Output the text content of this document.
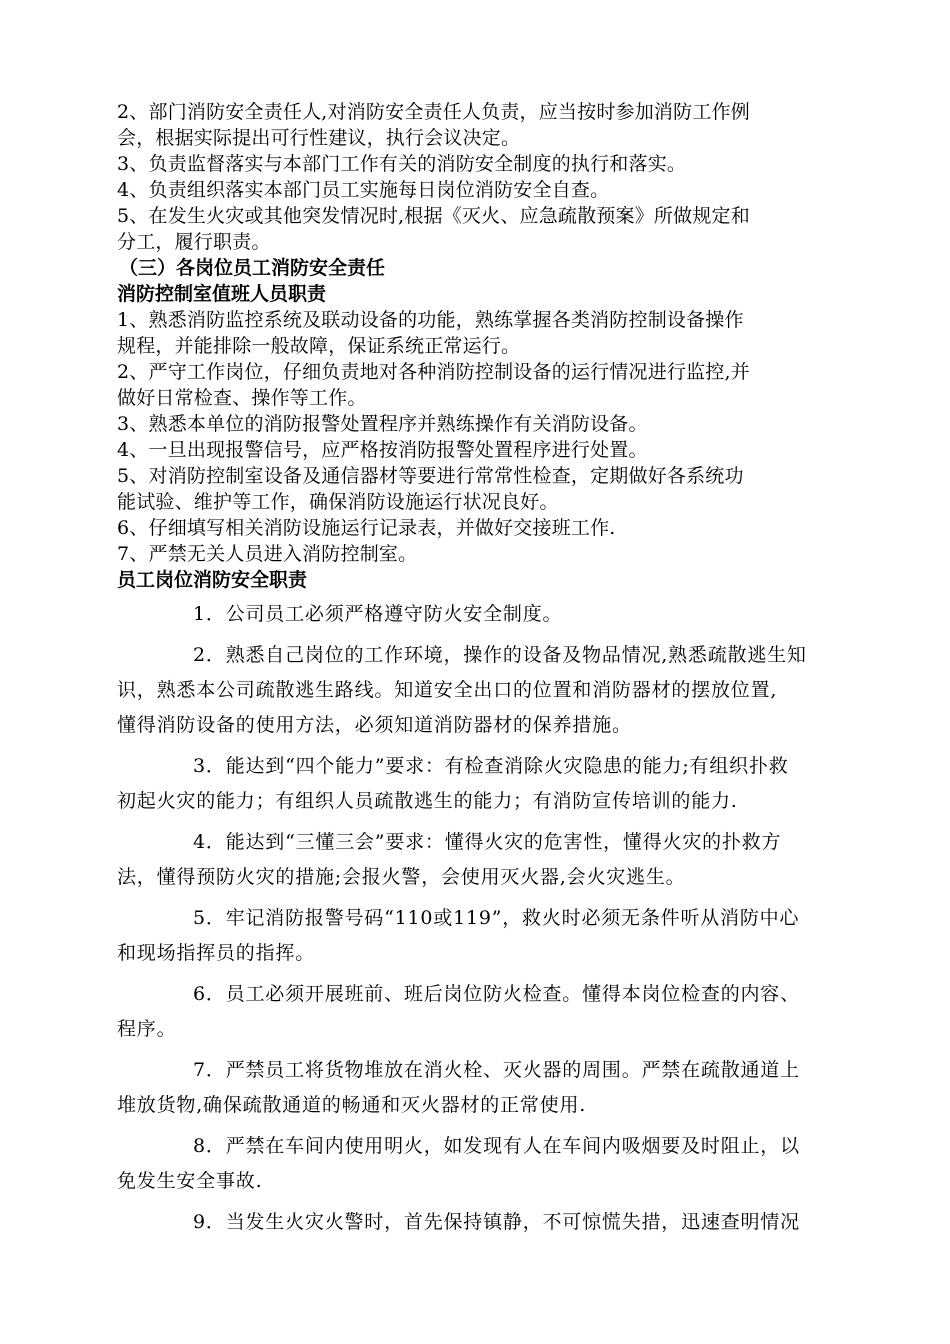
2、部门消防安全责任人,对消防安全责任人负责，应当按时参加消防工作例
会，根据实际提出可行性建议，执行会议决定。
3、负责监督落实与本部门工作有关的消防安全制度的执行和落实。
4、负责组织落实本部门员工实施每日岗位消防安全自查。
5、在发生火灾或其他突发情况时,根据《灭火、应急疏散预案》所做规定和
分工，履行职责。
（三）各岗位员工消防安全责任
消防控制室值班人员职责
1、熟悉消防监控系统及联动设备的功能，熟练掌握各类消防控制设备操作
规程，并能排除一般故障，保证系统正常运行。
2、严守工作岗位，仔细负责地对各种消防控制设备的运行情况进行监控,并
做好日常检查、操作等工作。
3、熟悉本单位的消防报警处置程序并熟练操作有关消防设备。
4、一旦出现报警信号，应严格按消防报警处置程序进行处置。
5、对消防控制室设备及通信器材等要进行常常性检查，定期做好各系统功
能试验、维护等工作，确保消防设施运行状况良好。
6、仔细填写相关消防设施运行记录表，并做好交接班工作.
7、严禁无关人员进入消防控制室。
员工岗位消防安全职责
1．公司员工必须严格遵守防火安全制度。
2．熟悉自己岗位的工作环境，操作的设备及物品情况,熟悉疏散逃生知
识，熟悉本公司疏散逃生路线。知道安全出口的位置和消防器材的摆放位置,
懂得消防设备的使用方法，必须知道消防器材的保养措施。
3．能达到“四个能力”要求：有检查消除火灾隐患的能力;有组织扑救
初起火灾的能力；有组织人员疏散逃生的能力；有消防宣传培训的能力.
4．能达到“三懂三会”要求：懂得火灾的危害性，懂得火灾的扑救方
法，懂得预防火灾的措施;会报火警，会使用灭火器,会火灾逃生。
5．牢记消防报警号码“110或119”，救火时必须无条件听从消防中心
和现场指挥员的指挥。
6．员工必须开展班前、班后岗位防火检查。懂得本岗位检查的内容、
程序。
7．严禁员工将货物堆放在消火栓、灭火器的周围。严禁在疏散通道上
堆放货物,确保疏散通道的畅通和灭火器材的正常使用.
8．严禁在车间内使用明火，如发现有人在车间内吸烟要及时阻止，以
免发生安全事故.
9．当发生火灾火警时，首先保持镇静，不可惊慌失措，迅速查明情况
